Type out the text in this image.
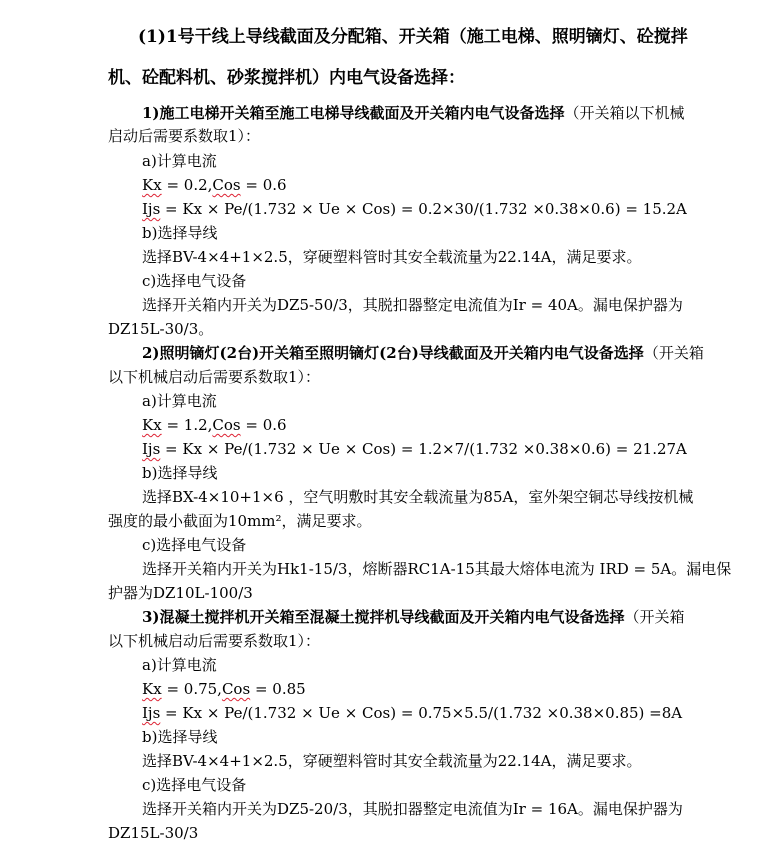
(1)1号干线上导线截面及分配箱、开关箱（施工电梯、照明镝灯、砼搅拌
机、砼配料机、砂浆搅拌机）内电气设备选择：
1)施工电梯开关箱至施工电梯导线截面及开关箱内电气设备选择（开关箱以下机械
启动后需要系数取1）：
a)计算电流
Kx = 0.2,Cos = 0.6
Ijs = Kx × Pe/(1.732 × Ue × Cos) = 0.2×30/(1.732 ×0.38×0.6) = 15.2A
b)选择导线
选择BV-4×4+1×2.5，穿硬塑料管时其安全载流量为22.14A，满足要求。
c)选择电气设备
选择开关箱内开关为DZ5-50/3，其脱扣器整定电流值为Ir = 40A。漏电保护器为
DZ15L-30/3。
2)照明镝灯(2台)开关箱至照明镝灯(2台)导线截面及开关箱内电气设备选择（开关箱
以下机械启动后需要系数取1）：
a)计算电流
Kx = 1.2,Cos = 0.6
Ijs = Kx × Pe/(1.732 × Ue × Cos) = 1.2×7/(1.732 ×0.38×0.6) = 21.27A
b)选择导线
选择BX-4×10+1×6 ，空气明敷时其安全载流量为85A，室外架空铜芯导线按机械
强度的最小截面为10mm²，满足要求。
c)选择电气设备
选择开关箱内开关为Hk1-15/3，熔断器RC1A-15其最大熔体电流为 IRD = 5A。漏电保
护器为DZ10L-100/3
3)混凝土搅拌机开关箱至混凝土搅拌机导线截面及开关箱内电气设备选择（开关箱
以下机械启动后需要系数取1）：
a)计算电流
Kx = 0.75,Cos = 0.85
Ijs = Kx × Pe/(1.732 × Ue × Cos) = 0.75×5.5/(1.732 ×0.38×0.85) =8A
b)选择导线
选择BV-4×4+1×2.5，穿硬塑料管时其安全载流量为22.14A，满足要求。
c)选择电气设备
选择开关箱内开关为DZ5-20/3，其脱扣器整定电流值为Ir = 16A。漏电保护器为
DZ15L-30/3
